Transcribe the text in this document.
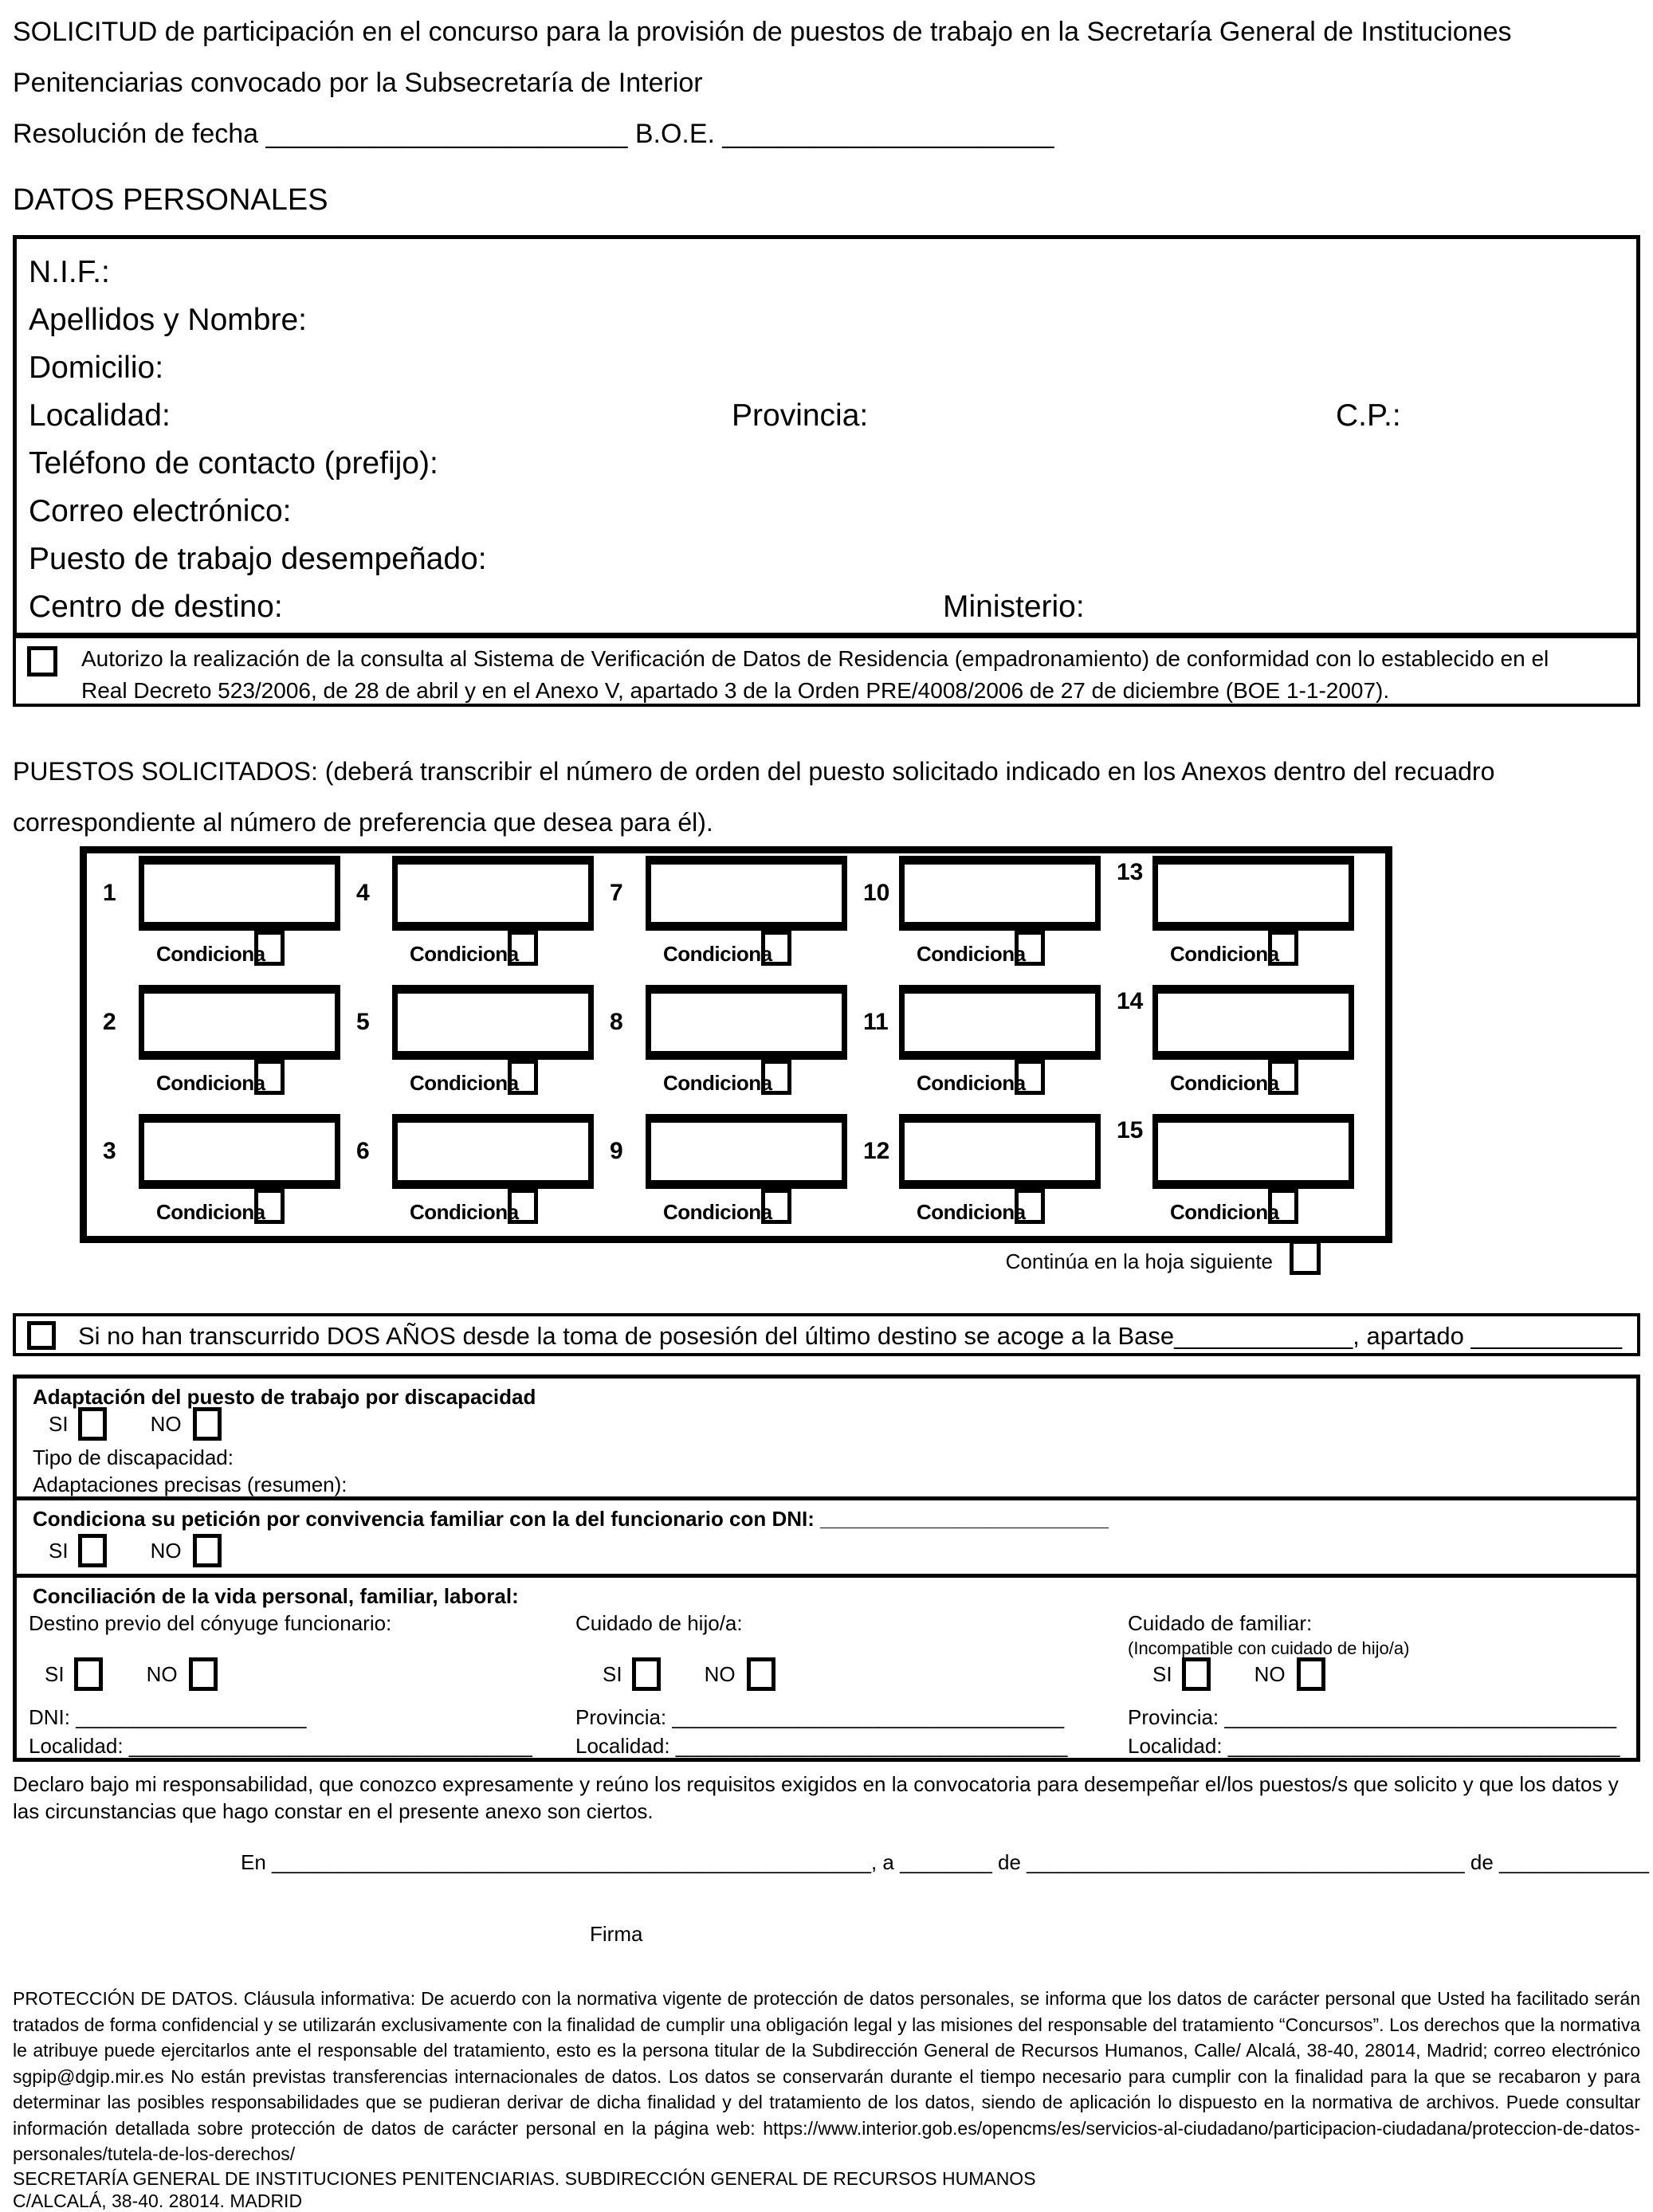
SOLICITUD de participación en el concurso para la provisión de puestos de trabajo en la Secretaría General de Instituciones Penitenciarias convocado por la Subsecretaría de Interior
Resolución de fecha ________________________ B.O.E. ______________________
DATOS PERSONALES
N.I.F.:
Apellidos y Nombre:
Domicilio:
Localidad:	Provincia:	C.P.:
Teléfono de contacto (prefijo):
Correo electrónico:
Puesto de trabajo desempeñado:
Centro de destino:	Ministerio:
Autorizo la realización de la consulta al Sistema de Verificación de Datos de Residencia (empadronamiento) de conformidad con lo establecido en el Real Decreto 523/2006, de 28 de abril y en el Anexo V, apartado 3 de la Orden PRE/4008/2006 de 27 de diciembre (BOE 1-1-2007).
PUESTOS SOLICITADOS: (deberá transcribir el número de orden del puesto solicitado indicado en los Anexos dentro del recuadro correspondiente al número de preferencia que desea para él).
1
Condiciona
4
Condiciona
7
Condiciona
10
Condiciona
13
Condiciona
2
Condiciona
5
Condiciona
8
Condiciona
11
Condiciona
14
Condiciona
3
Condiciona
6
Condiciona
9
Condiciona
12
Condiciona
15
Condiciona
Continúa en la hoja siguiente
Si no han transcurrido DOS AÑOS desde la toma de posesión del último destino se acoge a la Base_____________, apartado ___________
Adaptación del puesto de trabajo por discapacidad
SI	NO
Tipo de discapacidad:
Adaptaciones precisas (resumen):
Condiciona su petición por convivencia familiar con la del funcionario con DNI: _________________________
SI	NO
Conciliación de la vida personal, familiar, laboral:
Destino previo del cónyuge funcionario:	Cuidado de hijo/a:	Cuidado de familiar:
(Incompatible con cuidado de hijo/a)
SI	NO	SI	NO	SI	NO
DNI: ____________________	Provincia: __________________________________	Provincia: __________________________________
Localidad: ___________________________________ Localidad: __________________________________	Localidad: __________________________________
Declaro bajo mi responsabilidad, que conozco expresamente y reúno los requisitos exigidos en la convocatoria para desempeñar el/los puestos/s que solicito y que los datos y las circunstancias que hago constar en el presente anexo son ciertos.
En ____________________________________________________, a ________ de ______________________________________ de _____________
Firma

PROTECCIÓN DE DATOS. Cláusula informativa: De acuerdo con la normativa vigente de protección de datos personales, se informa que los datos de carácter personal que Usted ha facilitado serán tratados de forma confidencial y se utilizarán exclusivamente con la finalidad de cumplir una obligación legal y las misiones del responsable del tratamiento “Concursos”. Los derechos que la normativa le atribuye puede ejercitarlos ante el responsable del tratamiento, esto es la persona titular de la Subdirección General de Recursos Humanos, Calle/ Alcalá, 38-40, 28014, Madrid; correo electrónico sgpip@dgip.mir.es No están previstas transferencias internacionales de datos. Los datos se conservarán durante el tiempo necesario para cumplir con la finalidad para la que se recabaron y para determinar las posibles responsabilidades que se pudieran derivar de dicha finalidad y del tratamiento de los datos, siendo de aplicación lo dispuesto en la normativa de archivos. Puede consultar información detallada sobre protección de datos de carácter personal en la página web: https://www.interior.gob.es/opencms/es/servicios-al-ciudadano/participacion-ciudadana/proteccion-de-datos-personales/tutela-de-los-derechos/

SECRETARÍA GENERAL DE INSTITUCIONES PENITENCIARIAS. SUBDIRECCIÓN GENERAL DE RECURSOS HUMANOS

C/ALCALÁ, 38-40. 28014. MADRID
